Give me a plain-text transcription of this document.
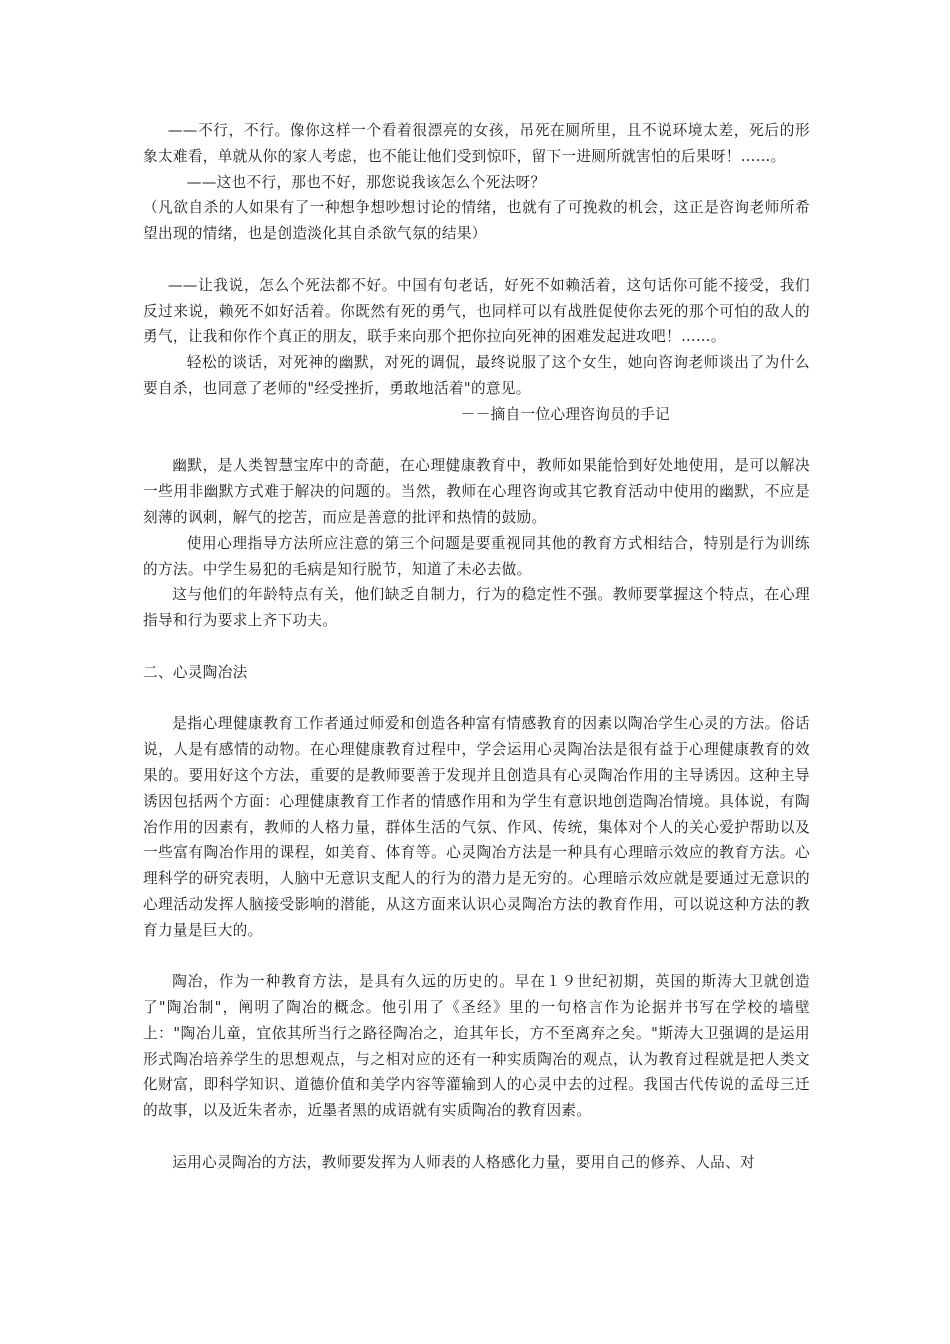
——不行，不行。像你这样一个看着很漂亮的女孩，吊死在厕所里，且不说环境太差，死后的形象太难看，单就从你的家人考虑，也不能让他们受到惊吓，留下一进厕所就害怕的后果呀！……。

——这也不行，那也不好，那您说我该怎么个死法呀？

（凡欲自杀的人如果有了一种想争想吵想讨论的情绪，也就有了可挽救的机会，这正是咨询老师所希望出现的情绪，也是创造淡化其自杀欲气氛的结果）

——让我说，怎么个死法都不好。中国有句老话，好死不如赖活着，这句话你可能不接受，我们反过来说，赖死不如好活着。你既然有死的勇气，也同样可以有战胜促使你去死的那个可怕的敌人的勇气，让我和你作个真正的朋友，联手来向那个把你拉向死神的困难发起进攻吧！……。

轻松的谈话，对死神的幽默，对死的调侃，最终说服了这个女生，她向咨询老师谈出了为什么要自杀，也同意了老师的"经受挫折，勇敢地活着"的意见。

－－摘自一位心理咨询员的手记

幽默，是人类智慧宝库中的奇葩，在心理健康教育中，教师如果能恰到好处地使用，是可以解决一些用非幽默方式难于解决的问题的。当然，教师在心理咨询或其它教育活动中使用的幽默，不应是刻薄的讽刺，解气的挖苦，而应是善意的批评和热情的鼓励。

使用心理指导方法所应注意的第三个问题是要重视同其他的教育方式相结合，特别是行为训练的方法。中学生易犯的毛病是知行脱节，知道了未必去做。

这与他们的年龄特点有关，他们缺乏自制力，行为的稳定性不强。教师要掌握这个特点，在心理指导和行为要求上齐下功夫。

二、心灵陶冶法

是指心理健康教育工作者通过师爱和创造各种富有情感教育的因素以陶冶学生心灵的方法。俗话说，人是有感情的动物。在心理健康教育过程中，学会运用心灵陶冶法是很有益于心理健康教育的效果的。要用好这个方法，重要的是教师要善于发现并且创造具有心灵陶冶作用的主导诱因。这种主导诱因包括两个方面：心理健康教育工作者的情感作用和为学生有意识地创造陶冶情境。具体说，有陶冶作用的因素有，教师的人格力量，群体生活的气氛、作风、传统，集体对个人的关心爱护帮助以及一些富有陶冶作用的课程，如美育、体育等。心灵陶冶方法是一种具有心理暗示效应的教育方法。心理科学的研究表明，人脑中无意识支配人的行为的潜力是无穷的。心理暗示效应就是要通过无意识的心理活动发挥人脑接受影响的潜能，从这方面来认识心灵陶冶方法的教育作用，可以说这种方法的教育力量是巨大的。

陶冶，作为一种教育方法，是具有久远的历史的。早在１９世纪初期，英国的斯涛大卫就创造了"陶冶制"，阐明了陶冶的概念。他引用了《圣经》里的一句格言作为论据并书写在学校的墙壁上："陶冶儿童，宜依其所当行之路径陶冶之，迨其年长，方不至离弃之矣。"斯涛大卫强调的是运用形式陶冶培养学生的思想观点，与之相对应的还有一种实质陶冶的观点，认为教育过程就是把人类文化财富，即科学知识、道德价值和美学内容等灌输到人的心灵中去的过程。我国古代传说的孟母三迁的故事，以及近朱者赤，近墨者黑的成语就有实质陶冶的教育因素。

运用心灵陶冶的方法，教师要发挥为人师表的人格感化力量，要用自己的修养、人品、对
